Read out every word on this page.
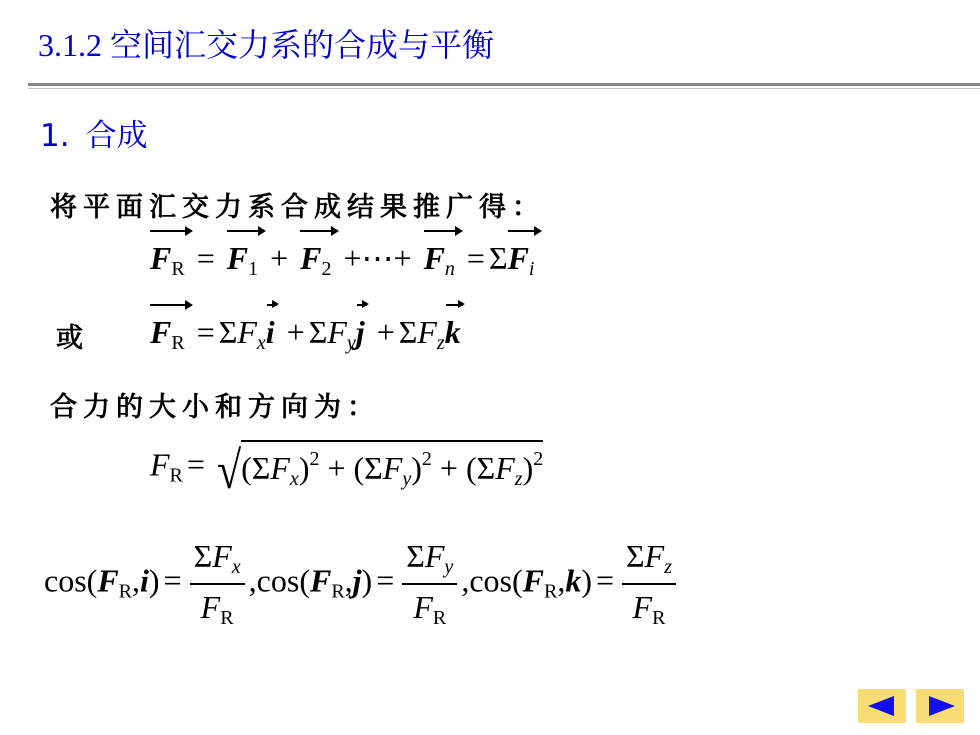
3.1.2 空间汇交力系的合成与平衡
1. 合成
将平面汇交力系合成结果推广得：
$F_R = F_1 + F_2$ +⋯+ $F_n = \Sigma$
$F_i$
或 $F_R = \Sigma F_x$
$i + \Sigma F_y$
$j + \Sigma F_z$
k
合力的大小和方向为：
$F_R = √(\Sigma F_x)^2 + (\Sigma F_y)^2 + (\Sigma F_z)^2$
$\cos(F_R,i) = \frac{\Sigma F_x}{F_R} ,\cos(F_R,j) = \frac{\Sigma F_y}{F_R} ,\cos(F_R,k) = \frac{\Sigma F_z}{F_R}$
